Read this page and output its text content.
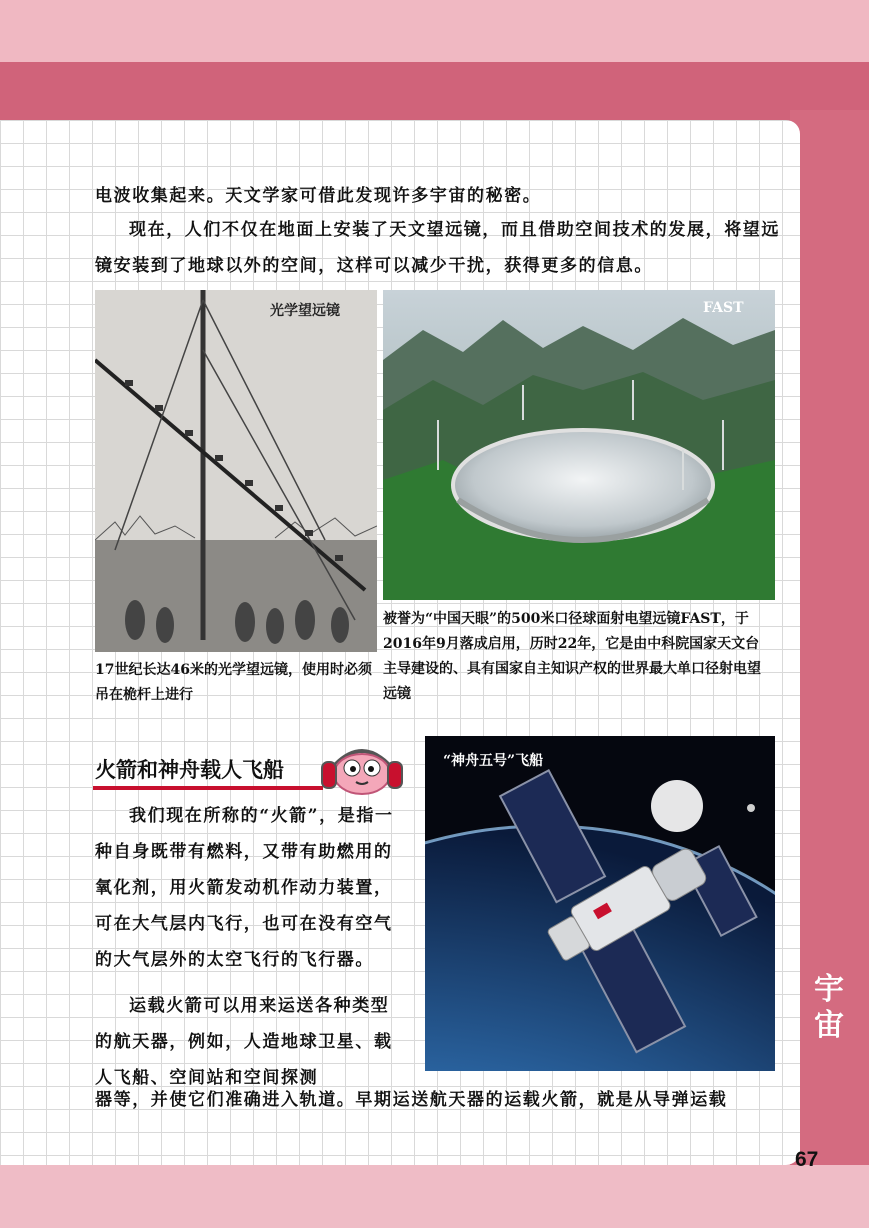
电波收集起来。天文学家可借此发现许多宇宙的秘密。

现在，人们不仅在地面上安装了天文望远镜，而且借助空间技术的发展，将望远镜安装到了地球以外的空间，这样可以减少干扰，获得更多的信息。

光学望远镜	FAST

被誉为“中国天眼”的500米口径球面射电望远镜FAST，于2016年9月落成启用，历时22年，它是由中科院国家天文台主导建设的、具有国家自主知识产权的世界最大单口径射电望远镜

17世纪长达46米的光学望远镜，使用时必须吊在桅杆上进行

火箭和神舟载人飞船

我们现在所称的“火箭”，是指一种自身既带有燃料，又带有助燃用的氧化剂，用火箭发动机作动力装置，可在大气层内飞行，也可在没有空气的大气层外的太空飞行的飞行器。

运载火箭可以用来运送各种类型的航天器，例如，人造地球卫星、载人飞船、空间站和空间探测

器等，并使它们准确进入轨道。早期运送航天器的运载火箭，就是从导弹运载

“神舟五号”飞船
宇宙
67
